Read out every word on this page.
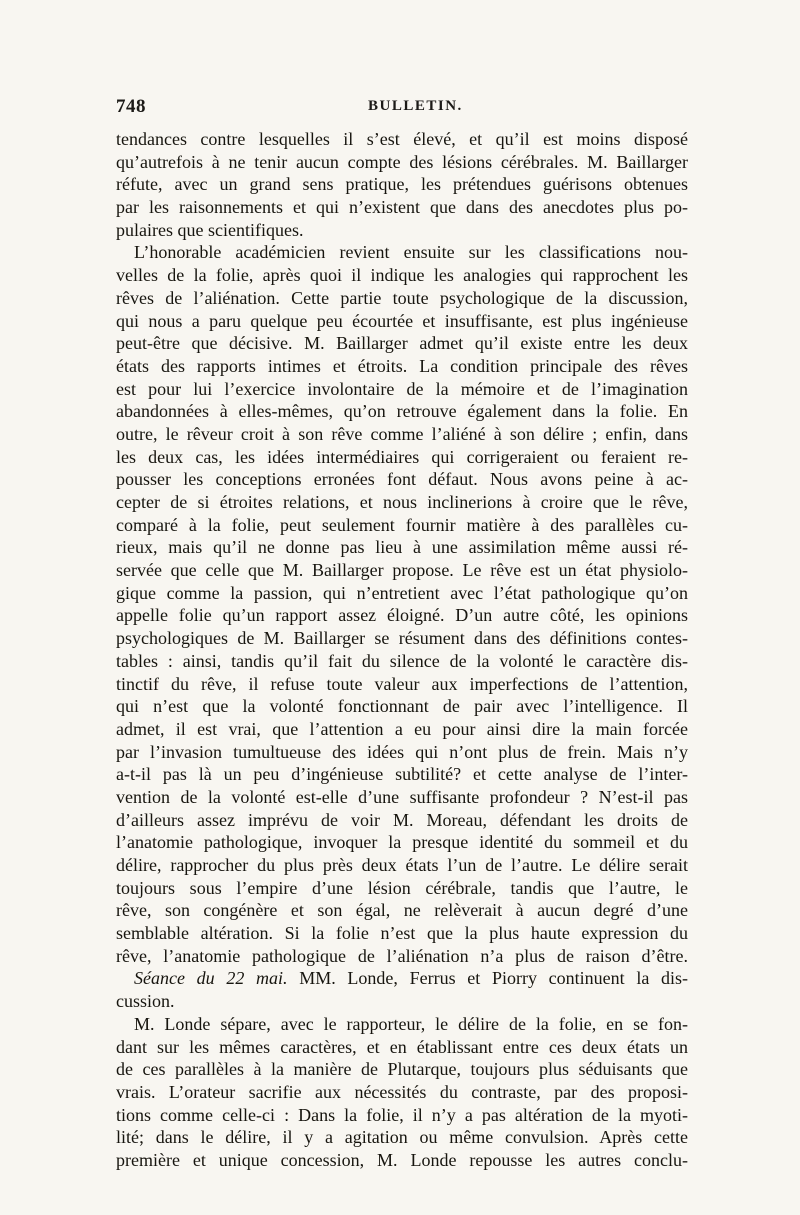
748	BULLETIN.
tendances contre lesquelles il s’est élevé, et qu’il est moins disposé
qu’autrefois à ne tenir aucun compte des lésions cérébrales. M. Baillarger
réfute, avec un grand sens pratique, les prétendues guérisons obtenues
par les raisonnements et qui n’existent que dans des anecdotes plus po-
pulaires que scientifiques.
L’honorable académicien revient ensuite sur les classifications nou-
velles de la folie, après quoi il indique les analogies qui rapprochent les
rêves de l’aliénation. Cette partie toute psychologique de la discussion,
qui nous a paru quelque peu écourtée et insuffisante, est plus ingénieuse
peut-être que décisive. M. Baillarger admet qu’il existe entre les deux
états des rapports intimes et étroits. La condition principale des rêves
est pour lui l’exercice involontaire de la mémoire et de l’imagination
abandonnées à elles-mêmes, qu’on retrouve également dans la folie. En
outre, le rêveur croit à son rêve comme l’aliéné à son délire ; enfin, dans
les deux cas, les idées intermédiaires qui corrigeraient ou feraient re-
pousser les conceptions erronées font défaut. Nous avons peine à ac-
cepter de si étroites relations, et nous inclinerions à croire que le rêve,
comparé à la folie, peut seulement fournir matière à des parallèles cu-
rieux, mais qu’il ne donne pas lieu à une assimilation même aussi ré-
servée que celle que M. Baillarger propose. Le rêve est un état physiolo-
gique comme la passion, qui n’entretient avec l’état pathologique qu’on
appelle folie qu’un rapport assez éloigné. D’un autre côté, les opinions
psychologiques de M. Baillarger se résument dans des définitions contes-
tables : ainsi, tandis qu’il fait du silence de la volonté le caractère dis-
tinctif du rêve, il refuse toute valeur aux imperfections de l’attention,
qui n’est que la volonté fonctionnant de pair avec l’intelligence. Il
admet, il est vrai, que l’attention a eu pour ainsi dire la main forcée
par l’invasion tumultueuse des idées qui n’ont plus de frein. Mais n’y
a-t-il pas là un peu d’ingénieuse subtilité? et cette analyse de l’inter-
vention de la volonté est-elle d’une suffisante profondeur ? N’est-il pas
d’ailleurs assez imprévu de voir M. Moreau, défendant les droits de
l’anatomie pathologique, invoquer la presque identité du sommeil et du
délire, rapprocher du plus près deux états l’un de l’autre. Le délire serait
toujours sous l’empire d’une lésion cérébrale, tandis que l’autre, le
rêve, son congénère et son égal, ne relèverait à aucun degré d’une
semblable altération. Si la folie n’est que la plus haute expression du
rêve, l’anatomie pathologique de l’aliénation n’a plus de raison d’être.
Séance du 22 mai. MM. Londe, Ferrus et Piorry continuent la dis-
cussion.
M. Londe sépare, avec le rapporteur, le délire de la folie, en se fon-
dant sur les mêmes caractères, et en établissant entre ces deux états un
de ces parallèles à la manière de Plutarque, toujours plus séduisants que
vrais. L’orateur sacrifie aux nécessités du contraste, par des proposi-
tions comme celle-ci : Dans la folie, il n’y a pas altération de la myoti-
lité; dans le délire, il y a agitation ou même convulsion. Après cette
première et unique concession, M. Londe repousse les autres conclu-
